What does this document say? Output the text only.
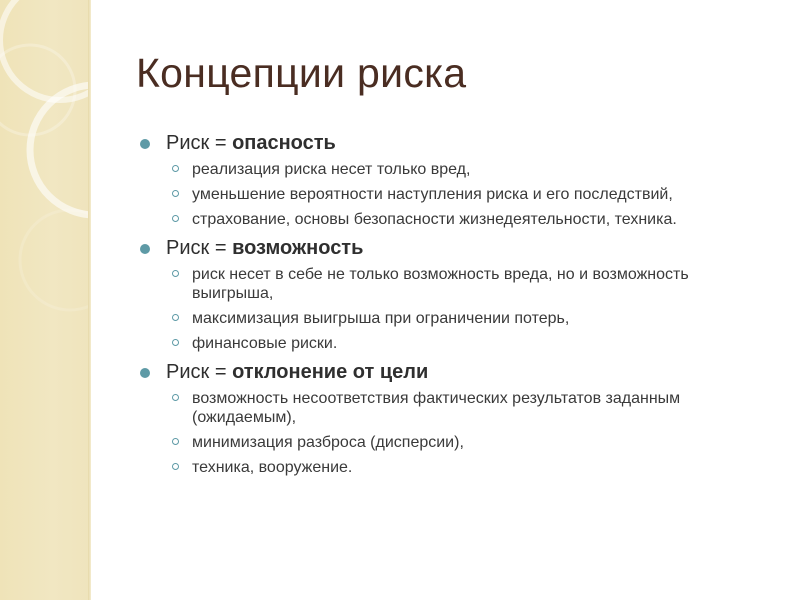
Концепции риска
Риск = опасность
реализация риска несет только вред,
уменьшение вероятности наступления риска и его последствий,
страхование, основы безопасности жизнедеятельности, техника.
Риск = возможность
риск несет в себе не только возможность вреда, но и возможность выигрыша,
максимизация выигрыша при ограничении потерь,
финансовые риски.
Риск = отклонение от цели
возможность несоответствия фактических результатов заданным (ожидаемым),
минимизация разброса (дисперсии),
техника, вооружение.
